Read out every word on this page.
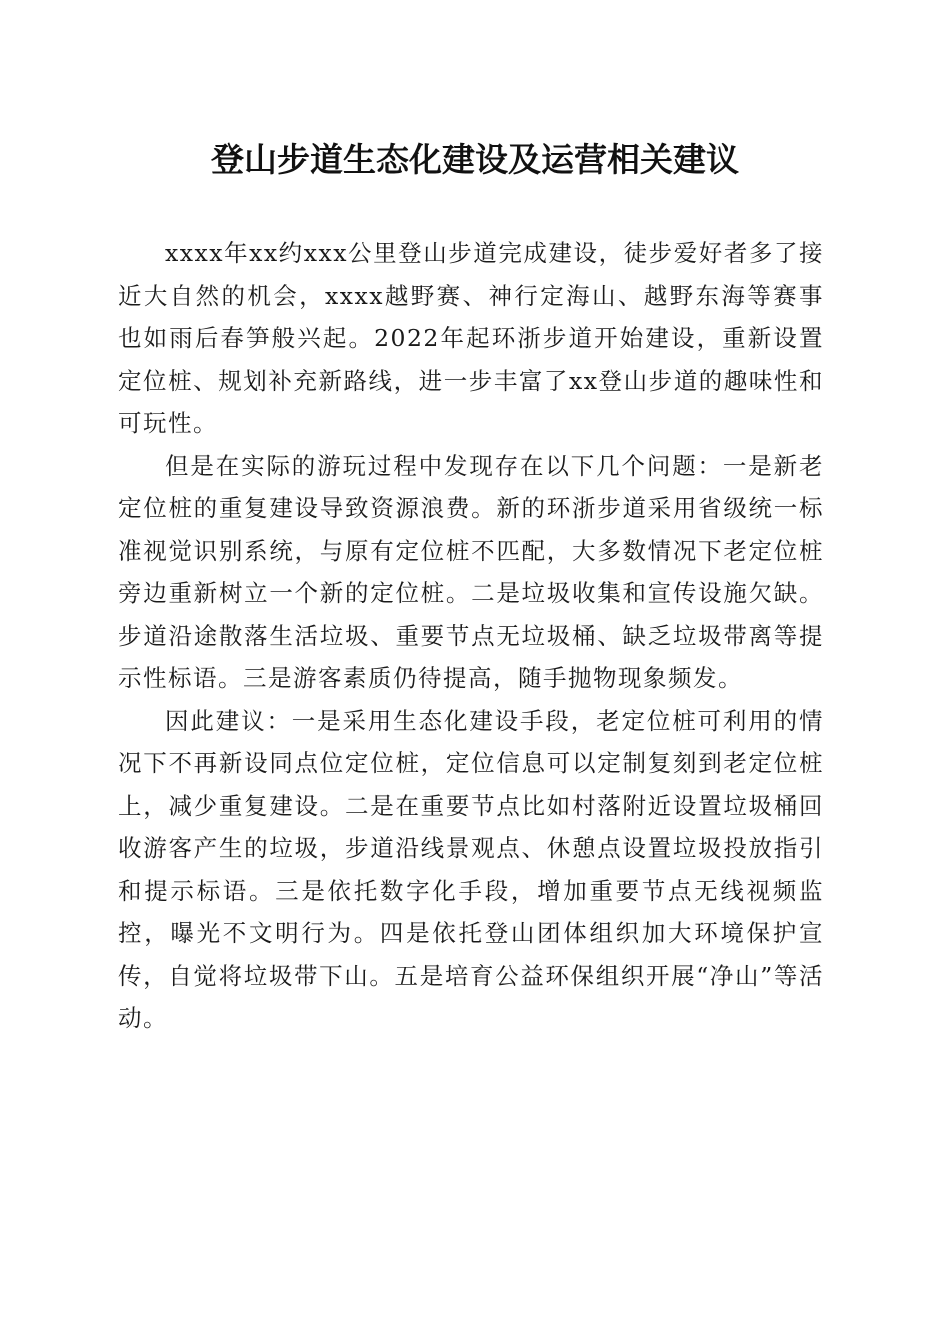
登山步道生态化建设及运营相关建议

xxxx年xx约xxx公里登山步道完成建设，徒步爱好者多了接近大自然的机会，xxxx越野赛、神行定海山、越野东海等赛事也如雨后春笋般兴起。2022年起环浙步道开始建设，重新设置定位桩、规划补充新路线，进一步丰富了xx登山步道的趣味性和可玩性。

但是在实际的游玩过程中发现存在以下几个问题：一是新老定位桩的重复建设导致资源浪费。新的环浙步道采用省级统一标准视觉识别系统，与原有定位桩不匹配，大多数情况下老定位桩旁边重新树立一个新的定位桩。二是垃圾收集和宣传设施欠缺。步道沿途散落生活垃圾、重要节点无垃圾桶、缺乏垃圾带离等提示性标语。三是游客素质仍待提高，随手抛物现象频发。

因此建议：一是采用生态化建设手段，老定位桩可利用的情况下不再新设同点位定位桩，定位信息可以定制复刻到老定位桩上，减少重复建设。二是在重要节点比如村落附近设置垃圾桶回收游客产生的垃圾，步道沿线景观点、休憩点设置垃圾投放指引和提示标语。三是依托数字化手段，增加重要节点无线视频监控，曝光不文明行为。四是依托登山团体组织加大环境保护宣传，自觉将垃圾带下山。五是培育公益环保组织开展“净山”等活动。
